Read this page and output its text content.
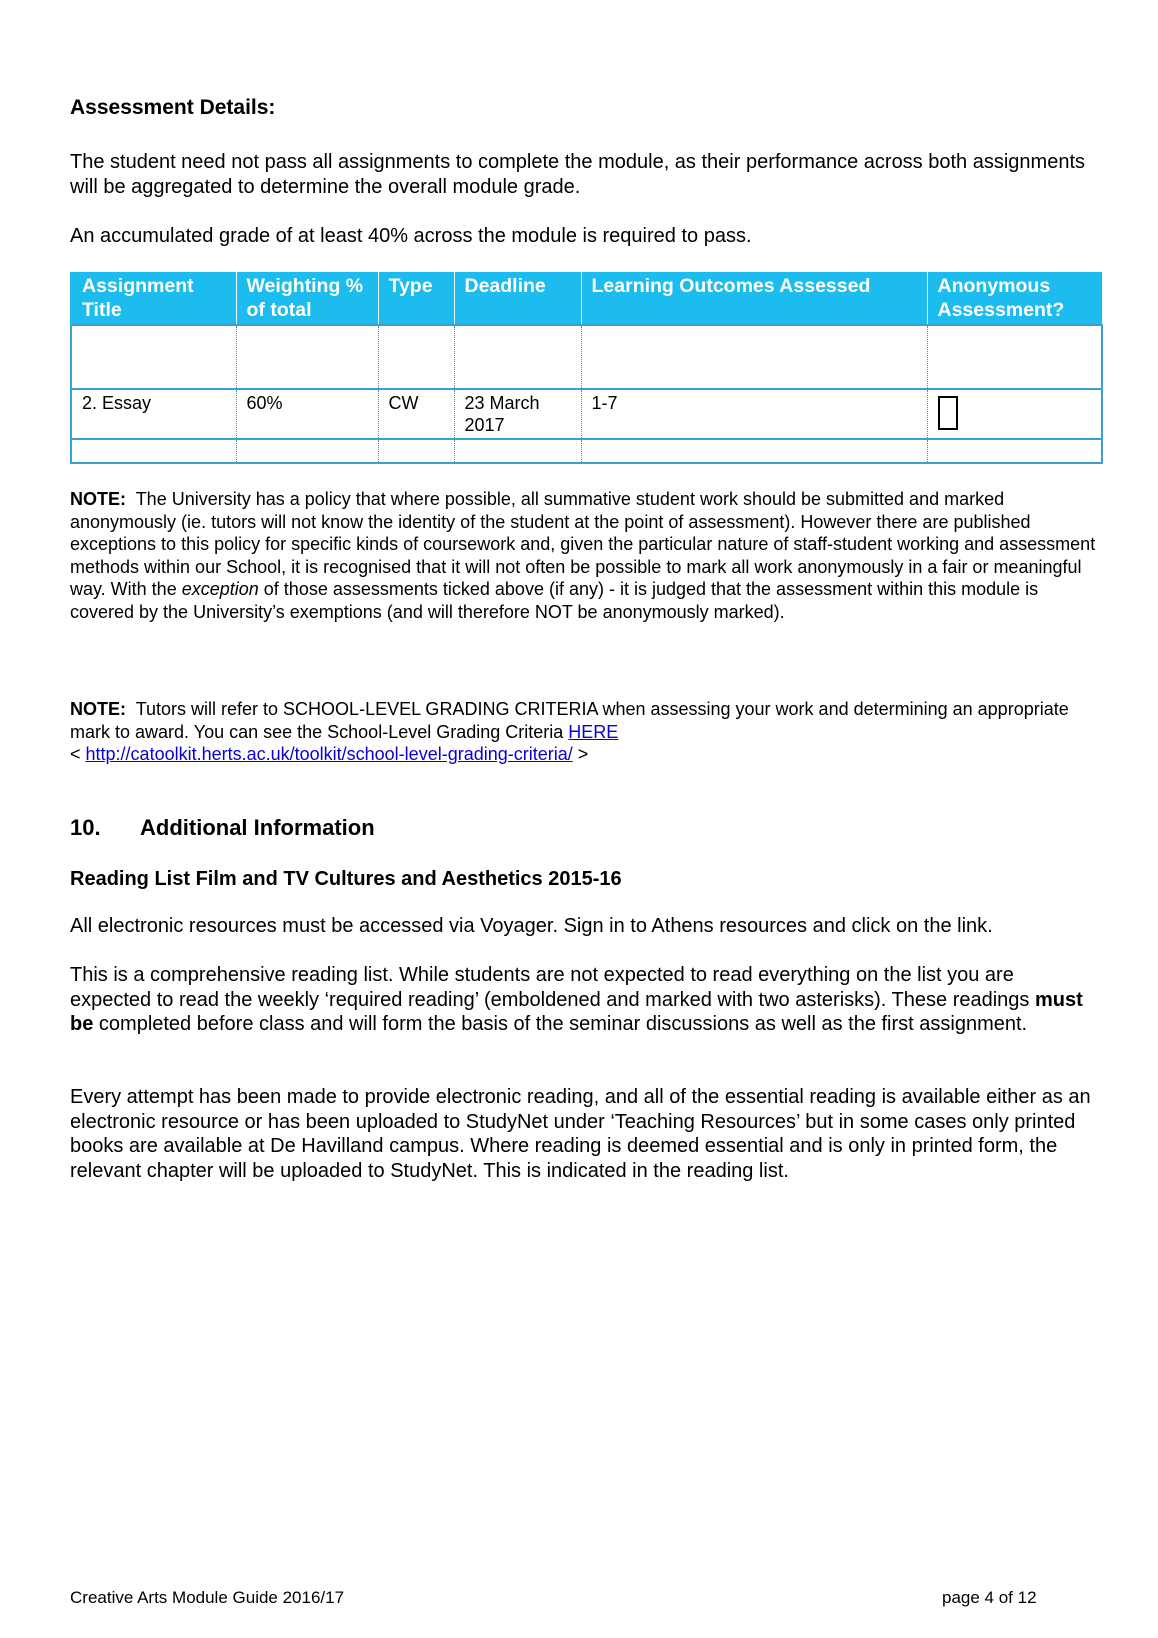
Assessment Details:
The student need not pass all assignments to complete the module, as their performance across both assignments will be aggregated to determine the overall module grade.
An accumulated grade of at least 40% across the module is required to pass.
Assignment Title	Weighting % of total	Type	Deadline	Learning Outcomes Assessed	Anonymous Assessment?

2. Essay	60%	CW	23 March 2017	1-7	

NOTE: The University has a policy that where possible, all summative student work should be submitted and marked anonymously (ie. tutors will not know the identity of the student at the point of assessment). However there are published exceptions to this policy for specific kinds of coursework and, given the particular nature of staff-student working and assessment methods within our School, it is recognised that it will not often be possible to mark all work anonymously in a fair or meaningful way. With the exception of those assessments ticked above (if any) - it is judged that the assessment within this module is covered by the University’s exemptions (and will therefore NOT be anonymously marked).
NOTE: Tutors will refer to SCHOOL-LEVEL GRADING CRITERIA when assessing your work and determining an appropriate mark to award. You can see the School-Level Grading Criteria HERE
< http://catoolkit.herts.ac.uk/toolkit/school-level-grading-criteria/ >
10. Additional Information
Reading List Film and TV Cultures and Aesthetics 2015-16
All electronic resources must be accessed via Voyager. Sign in to Athens resources and click on the link.
This is a comprehensive reading list. While students are not expected to read everything on the list you are expected to read the weekly ‘required reading’ (emboldened and marked with two asterisks). These readings must be completed before class and will form the basis of the seminar discussions as well as the first assignment.
Every attempt has been made to provide electronic reading, and all of the essential reading is available either as an electronic resource or has been uploaded to StudyNet under ‘Teaching Resources’ but in some cases only printed books are available at De Havilland campus. Where reading is deemed essential and is only in printed form, the relevant chapter will be uploaded to StudyNet. This is indicated in the reading list.
Creative Arts Module Guide 2016/17	page 4 of 12
